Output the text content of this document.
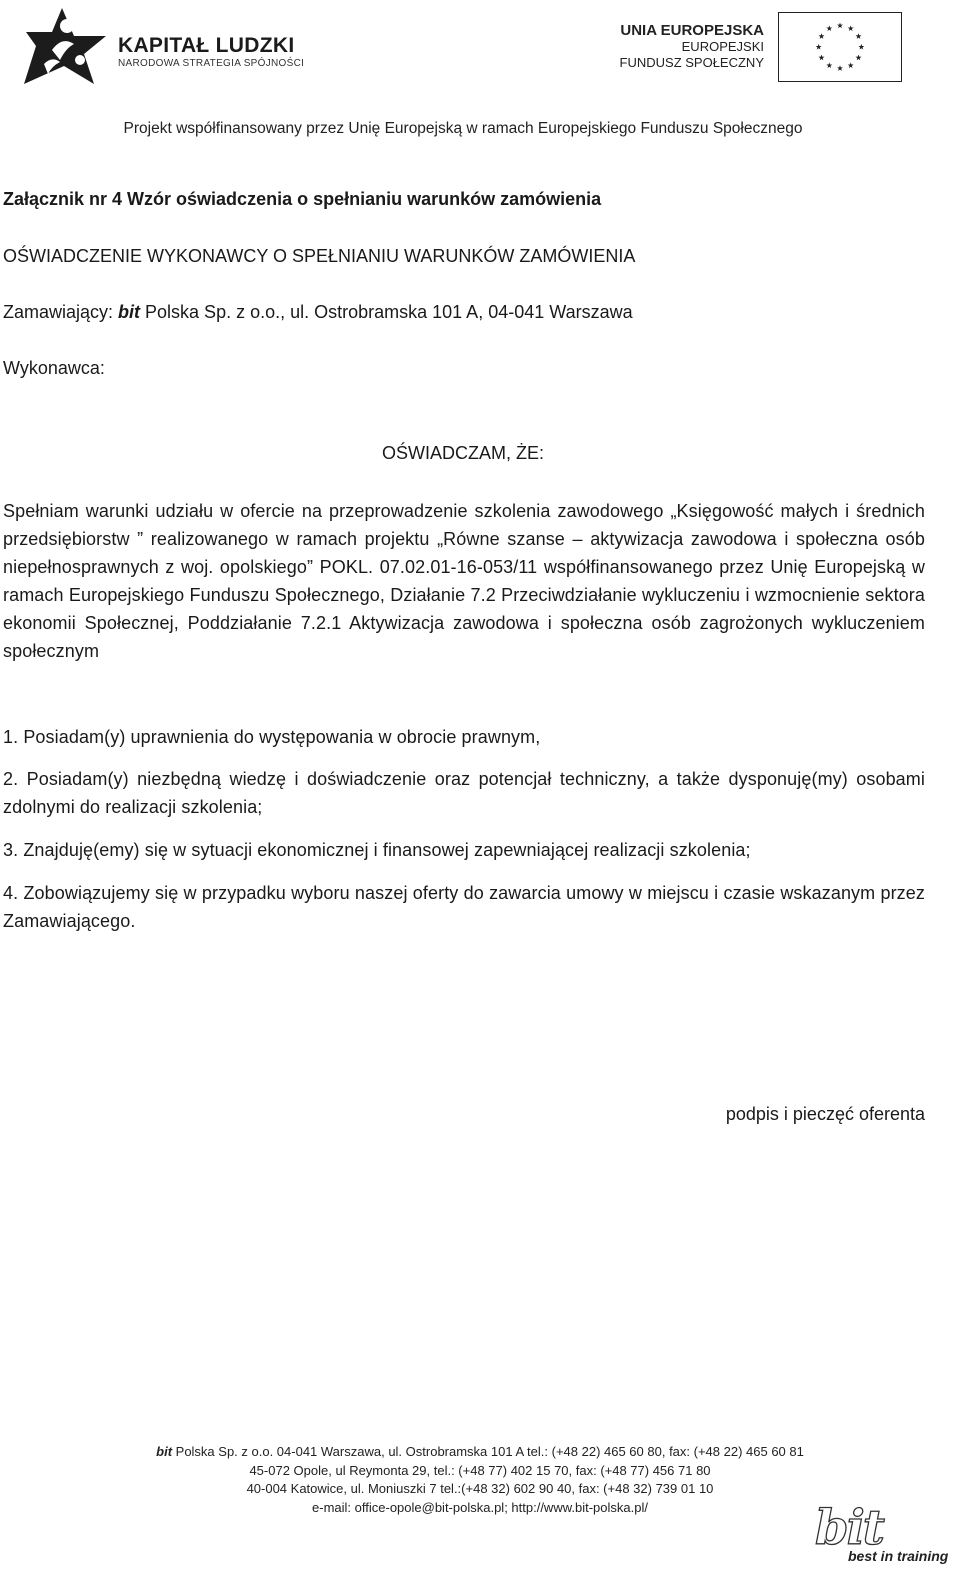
KAPITAŁ LUDZKI
NARODOWA STRATEGIA SPÓJNOŚCI
UNIA EUROPEJSKA
EUROPEJSKI
FUNDUSZ SPOŁECZNY
Projekt współfinansowany przez Unię Europejską w ramach Europejskiego Funduszu Społecznego
Załącznik nr 4 Wzór oświadczenia o spełnianiu warunków zamówienia
OŚWIADCZENIE WYKONAWCY O SPEŁNIANIU WARUNKÓW ZAMÓWIENIA
Zamawiający: bit Polska Sp. z o.o., ul. Ostrobramska 101 A, 04-041 Warszawa
Wykonawca:
OŚWIADCZAM, ŻE:
Spełniam warunki udziału w ofercie na przeprowadzenie szkolenia zawodowego „Księgowość małych i średnich przedsiębiorstw ” realizowanego w ramach projektu „Równe szanse – aktywizacja zawodowa i społeczna osób niepełnosprawnych z woj. opolskiego” POKL. 07.02.01-16-053/11 współfinansowanego przez Unię Europejską w ramach Europejskiego Funduszu Społecznego, Działanie 7.2 Przeciwdziałanie wykluczeniu i wzmocnienie sektora ekonomii Społecznej, Poddziałanie 7.2.1 Aktywizacja zawodowa i społeczna osób zagrożonych wykluczeniem społecznym
1. Posiadam(y) uprawnienia do występowania w obrocie prawnym,
2. Posiadam(y) niezbędną wiedzę i doświadczenie oraz potencjał techniczny, a także dysponuję(my) osobami zdolnymi do realizacji szkolenia;
3. Znajduję(emy) się w sytuacji ekonomicznej i finansowej zapewniającej realizacji szkolenia;
4. Zobowiązujemy się w przypadku wyboru naszej oferty do zawarcia umowy w miejscu i czasie wskazanym przez Zamawiającego.
podpis i pieczęć oferenta
bit Polska Sp. z o.o. 04-041 Warszawa, ul. Ostrobramska 101 A tel.: (+48 22) 465 60 80, fax: (+48 22) 465 60 81
45-072 Opole, ul Reymonta 29, tel.: (+48 77) 402 15 70, fax: (+48 77) 456 71 80
40-004 Katowice, ul. Moniuszki 7 tel.:(+48 32) 602 90 40, fax: (+48 32) 739 01 10
e-mail: office-opole@bit-polska.pl; http://www.bit-polska.pl/	bit
best in training
